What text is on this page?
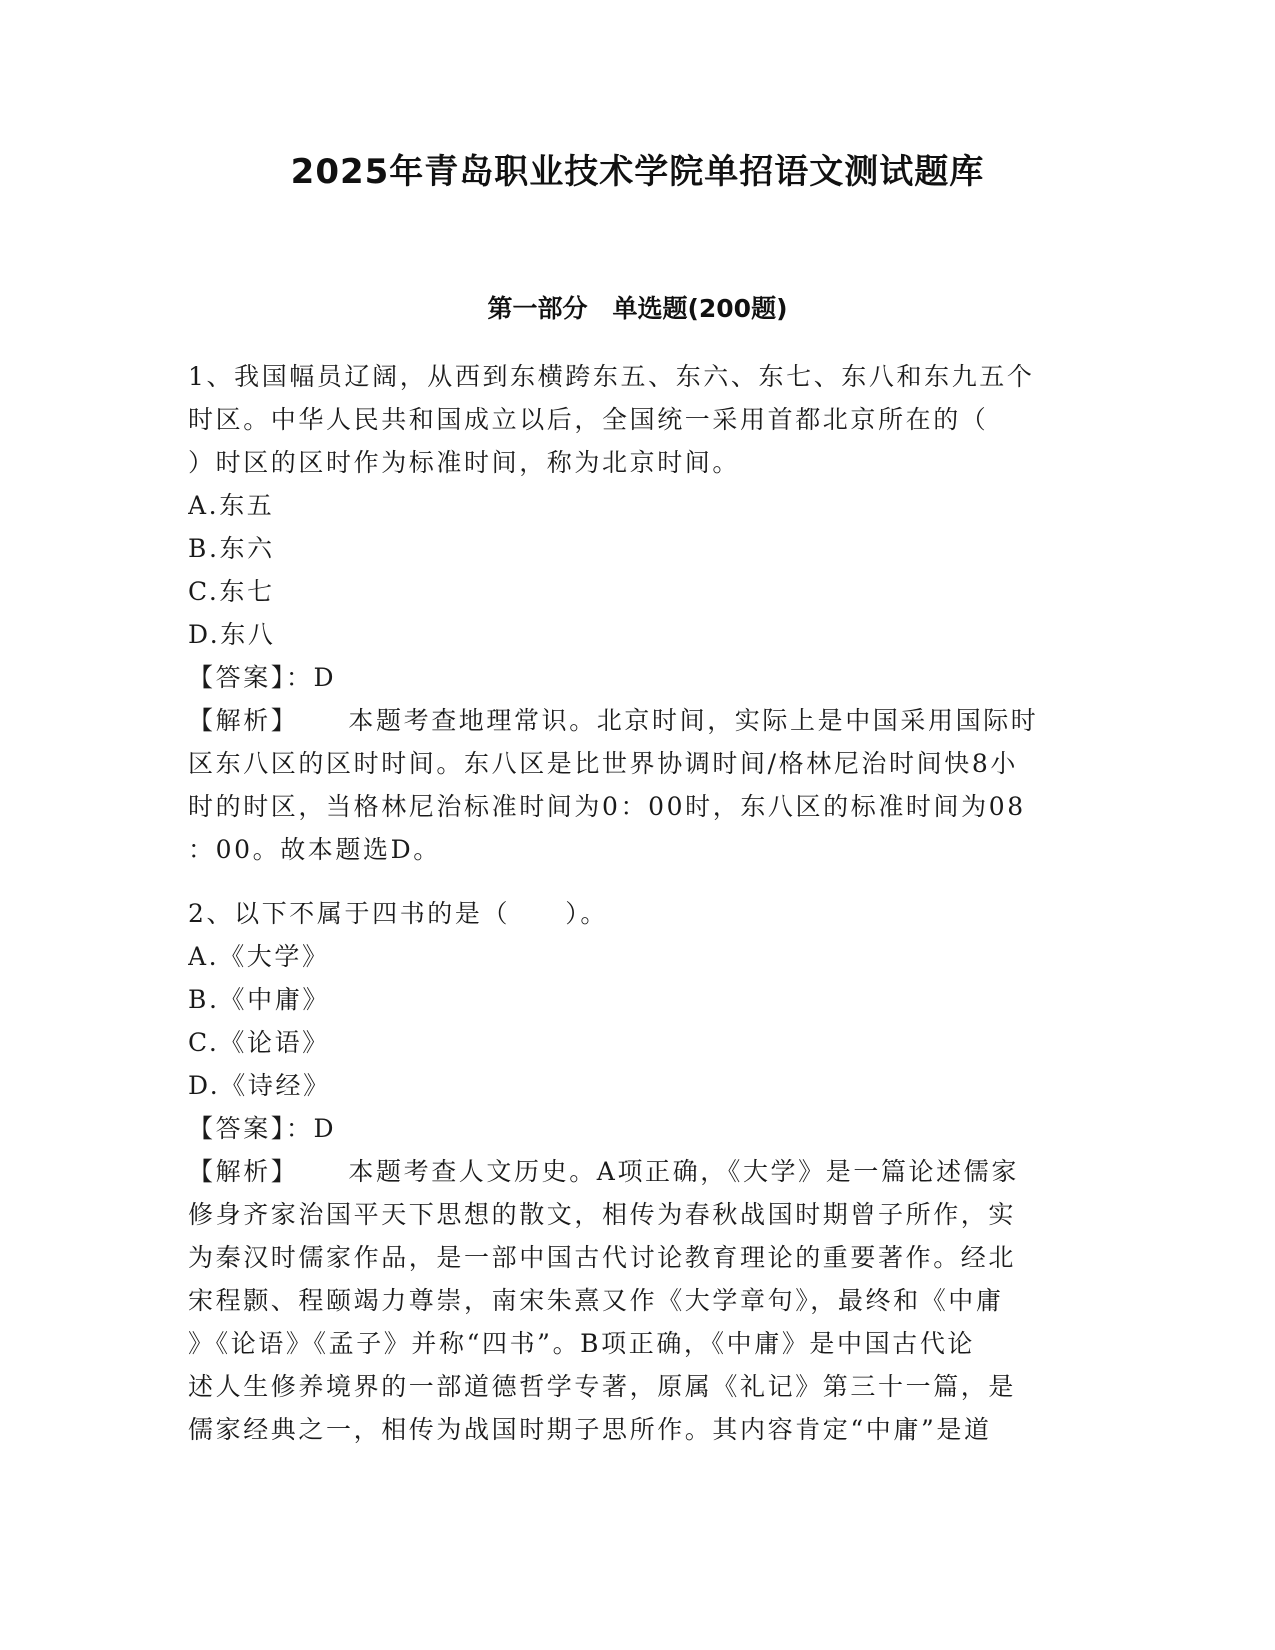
2025年青岛职业技术学院单招语文测试题库
第一部分　单选题(200题)
1、我国幅员辽阔，从西到东横跨东五、东六、东七、东八和东九五个
时区。中华人民共和国成立以后，全国统一采用首都北京所在的（
）时区的区时作为标准时间，称为北京时间。
A.东五
B.东六
C.东七
D.东八
【答案】：D
【解析】 本题考查地理常识。北京时间，实际上是中国采用国际时
区东八区的区时时间。东八区是比世界协调时间/格林尼治时间快8小
时的时区，当格林尼治标准时间为0：00时，东八区的标准时间为08
：00。故本题选D。
2、以下不属于四书的是（　　）。
A.《大学》
B.《中庸》
C.《论语》
D.《诗经》
【答案】：D
【解析】 本题考查人文历史。A项正确，《大学》是一篇论述儒家
修身齐家治国平天下思想的散文，相传为春秋战国时期曾子所作，实
为秦汉时儒家作品，是一部中国古代讨论教育理论的重要著作。经北
宋程颢、程颐竭力尊崇，南宋朱熹又作《大学章句》，最终和《中庸
》《论语》《孟子》并称“四书”。B项正确，《中庸》是中国古代论
述人生修养境界的一部道德哲学专著，原属《礼记》第三十一篇，是
儒家经典之一，相传为战国时期子思所作。其内容肯定“中庸”是道
